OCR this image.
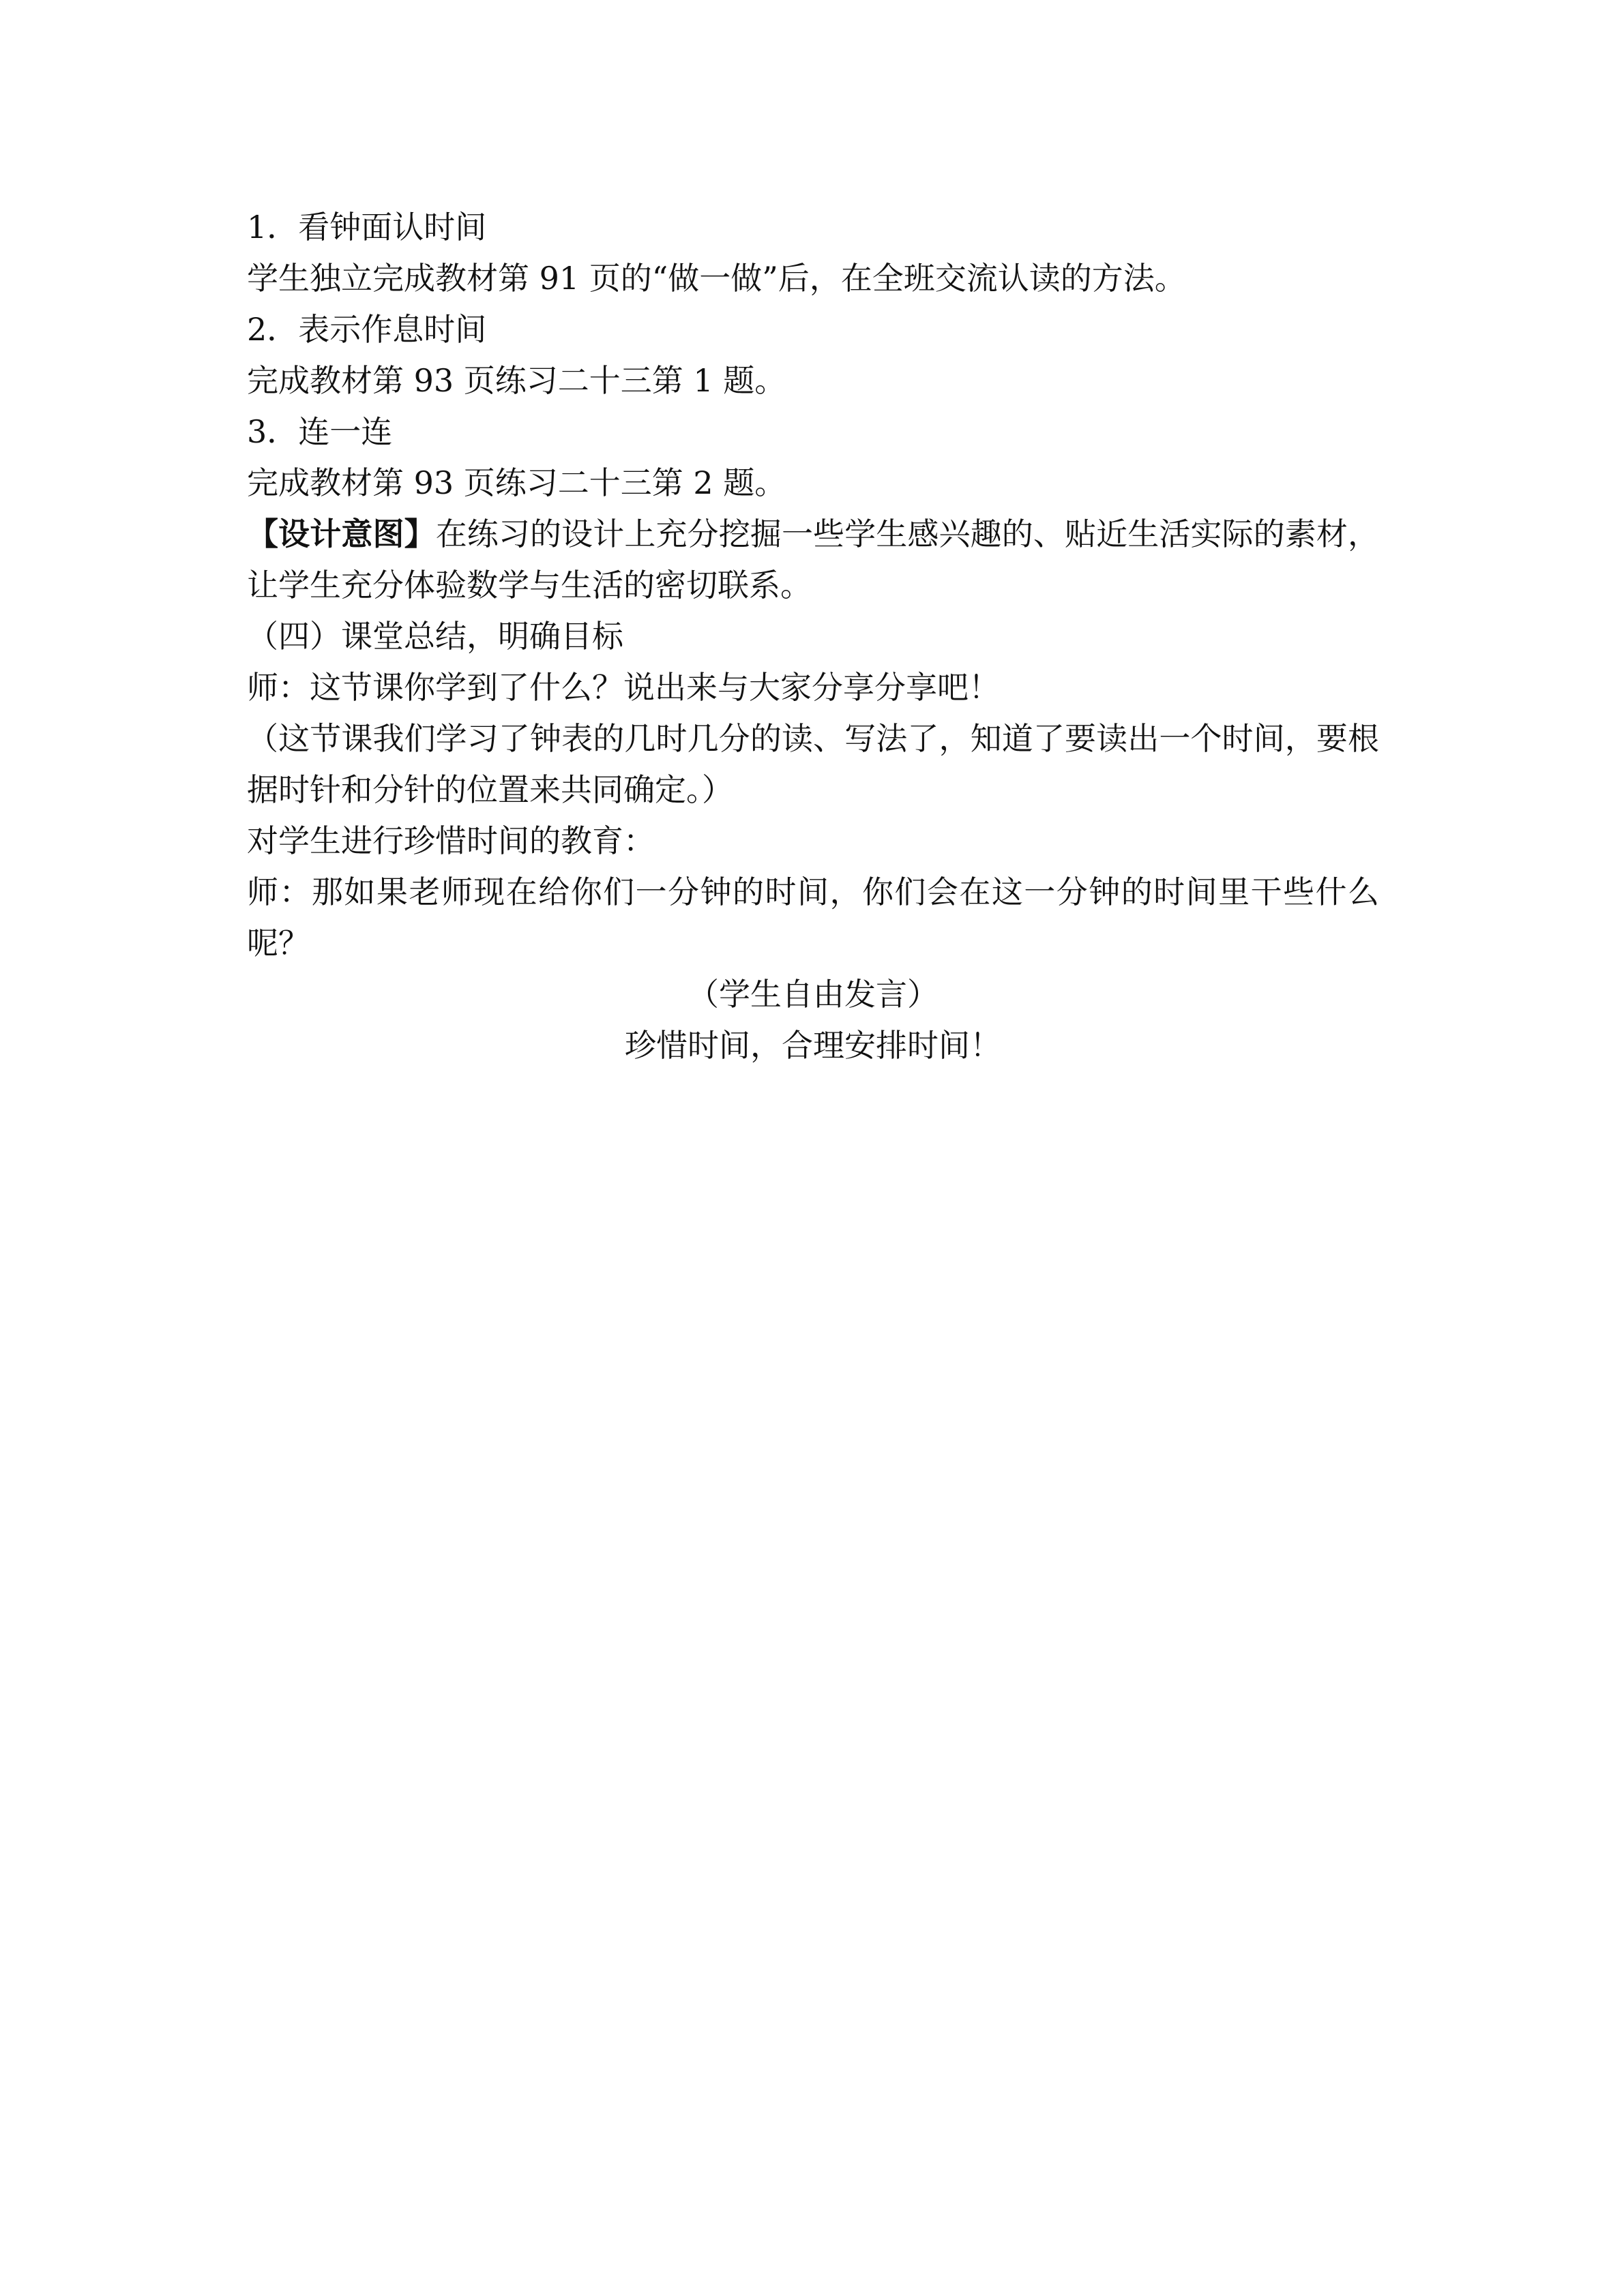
1．看钟面认时间

学生独立完成教材第 91 页的“做一做”后，在全班交流认读的方法。

2．表示作息时间

完成教材第 93 页练习二十三第 1 题。

3．连一连

完成教材第 93 页练习二十三第 2 题。

【设计意图】在练习的设计上充分挖掘一些学生感兴趣的、贴近生活实际的素材，让学生充分体验数学与生活的密切联系。

（四）课堂总结，明确目标

师：这节课你学到了什么？说出来与大家分享分享吧！

（这节课我们学习了钟表的几时几分的读、写法了，知道了要读出一个时间，要根据时针和分针的位置来共同确定。）

对学生进行珍惜时间的教育：

师：那如果老师现在给你们一分钟的时间，你们会在这一分钟的时间里干些什么呢？

（学生自由发言）

珍惜时间，合理安排时间！
